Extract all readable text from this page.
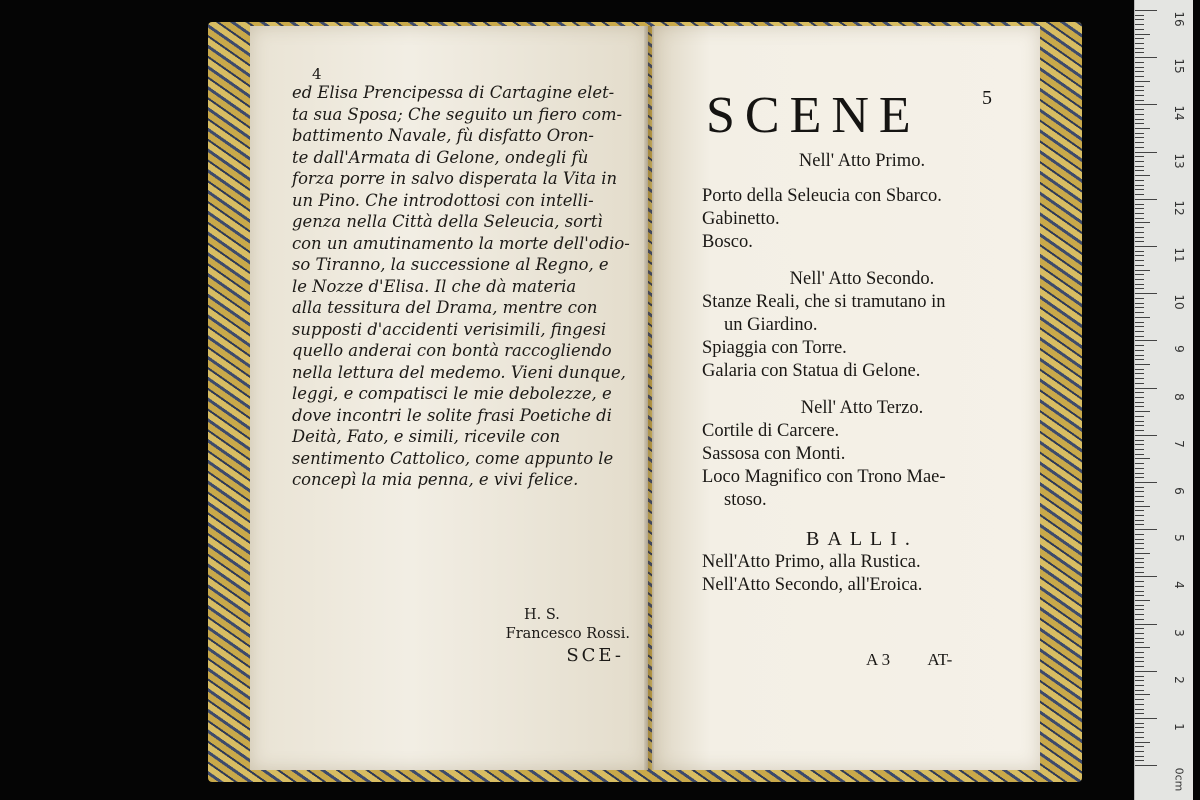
4
ed Elisa Prencipessa di Cartagine elet-
ta sua Sposa; Che seguito un fiero com-
battimento Navale, fù disfatto Oron-
te dall'Armata di Gelone, ondegli fù
forza porre in salvo disperata la Vita in
un Pino. Che introdottosi con intelli-
genza nella Città della Seleucia, sortì
con un amutinamento la morte dell'odio-
so Tiranno, la successione al Regno, e
le Nozze d'Elisa. Il che dà materia
alla tessitura del Drama, mentre con
supposti d'accidenti verisimili, fingesi
quello anderai con bontà raccogliendo
nella lettura del medemo. Vieni dunque,
leggi, e compatisci le mie debolezze, e
dove incontri le solite frasi Poetiche di
Deità, Fato, e simili, ricevile con
sentimento Cattolico, come appunto le
concepì la mia penna, e vivi felice.
H. S.
Francesco Rossi.
SCE-
SCENE	5
Nell' Atto Primo.
Porto della Seleucia con Sbarco.
Gabinetto.
Bosco.
Nell' Atto Secondo.
Stanze Reali, che si tramutano in
un Giardino.
Spiaggia con Torre.
Galaria con Statua di Gelone.
Nell' Atto Terzo.
Cortile di Carcere.
Sassosa con Monti.
Loco Magnifico con Trono Mae-
stoso.
BALLI.
Nell'Atto Primo, alla Rustica.
Nell'Atto Secondo, all'Eroica.
A 3 AT-
0cm
16
15
14
13
12
11
10
9
8
7
6
5
4
3
2
1
